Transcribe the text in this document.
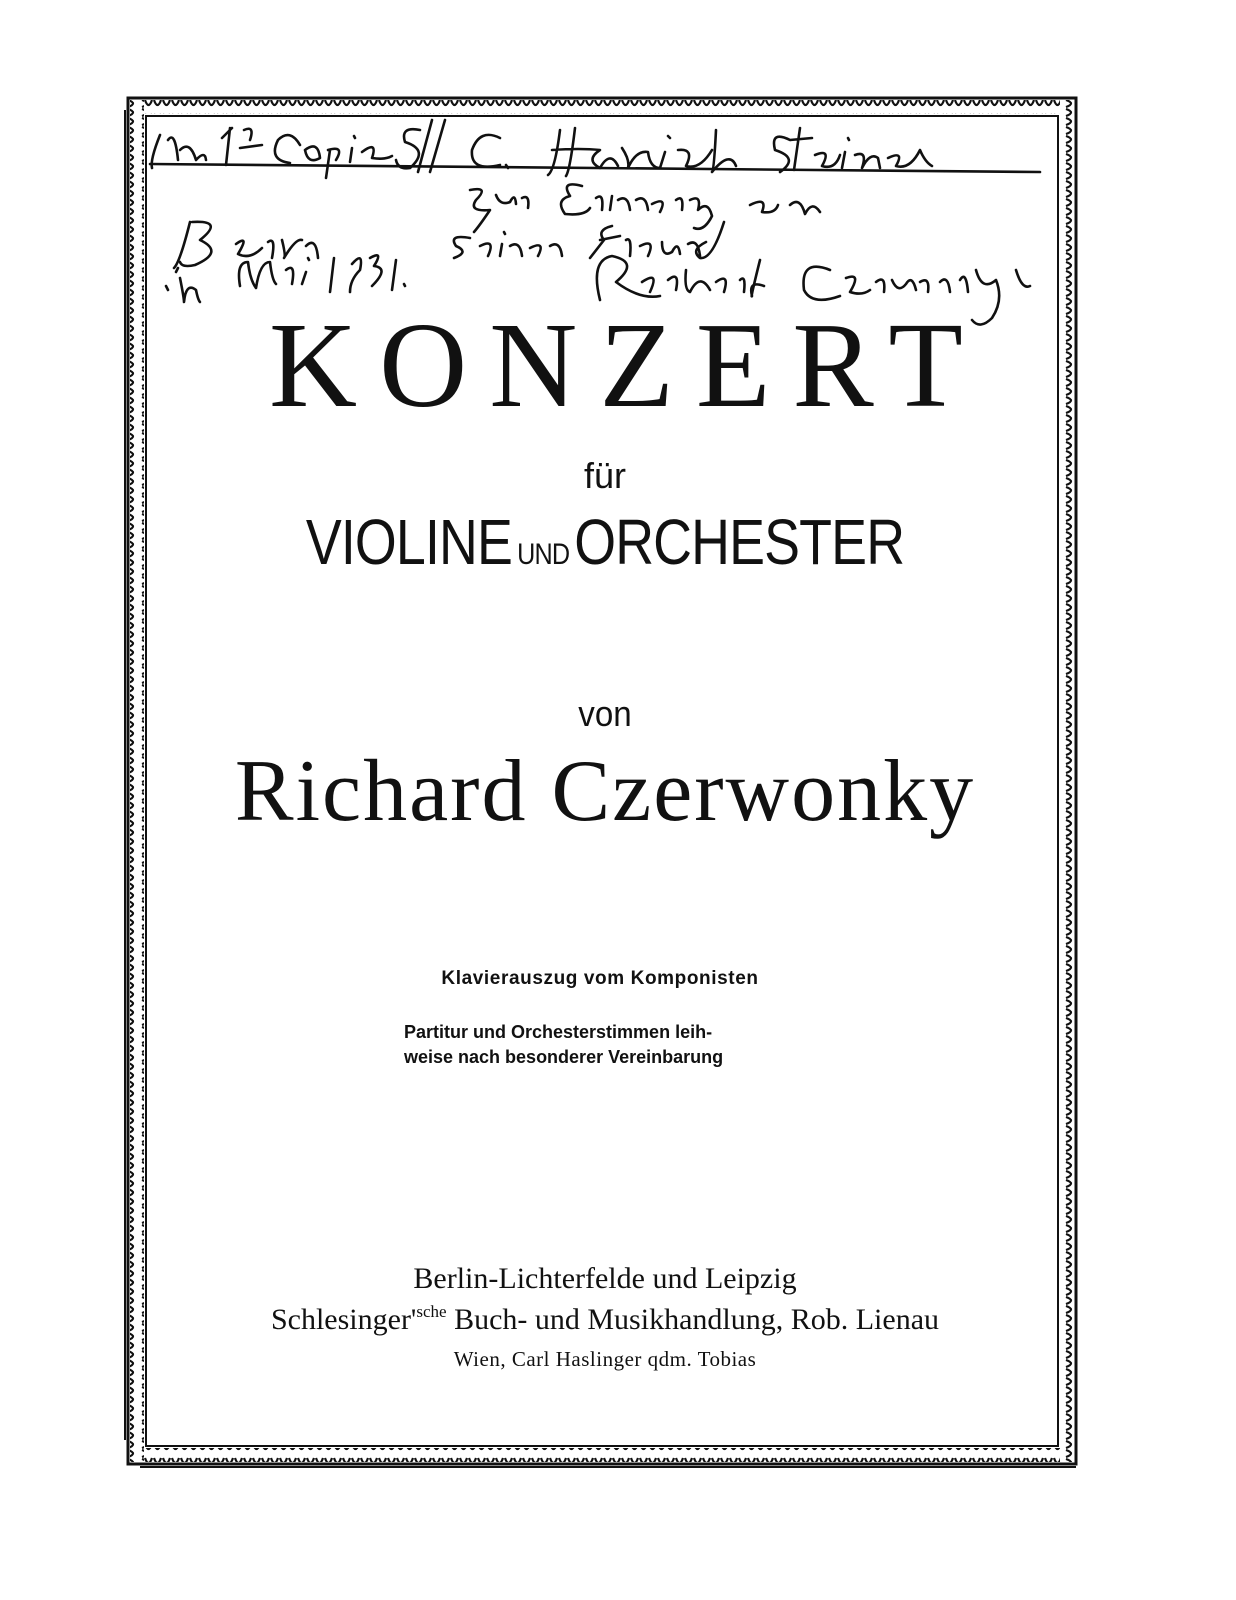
KONZERT
für
VIOLINE UNDORCHESTER
von
Richard Czerwonky
Klavierauszug vom Komponisten
Partitur und Orchesterstimmen leih-
weise nach besonderer Vereinbarung
Berlin-Lichterfelde und Leipzig
$Schlesinger'^{sche}$ Buch- und Musikhandlung, Rob. Lienau
Wien, Carl Haslinger qdm. Tobias
